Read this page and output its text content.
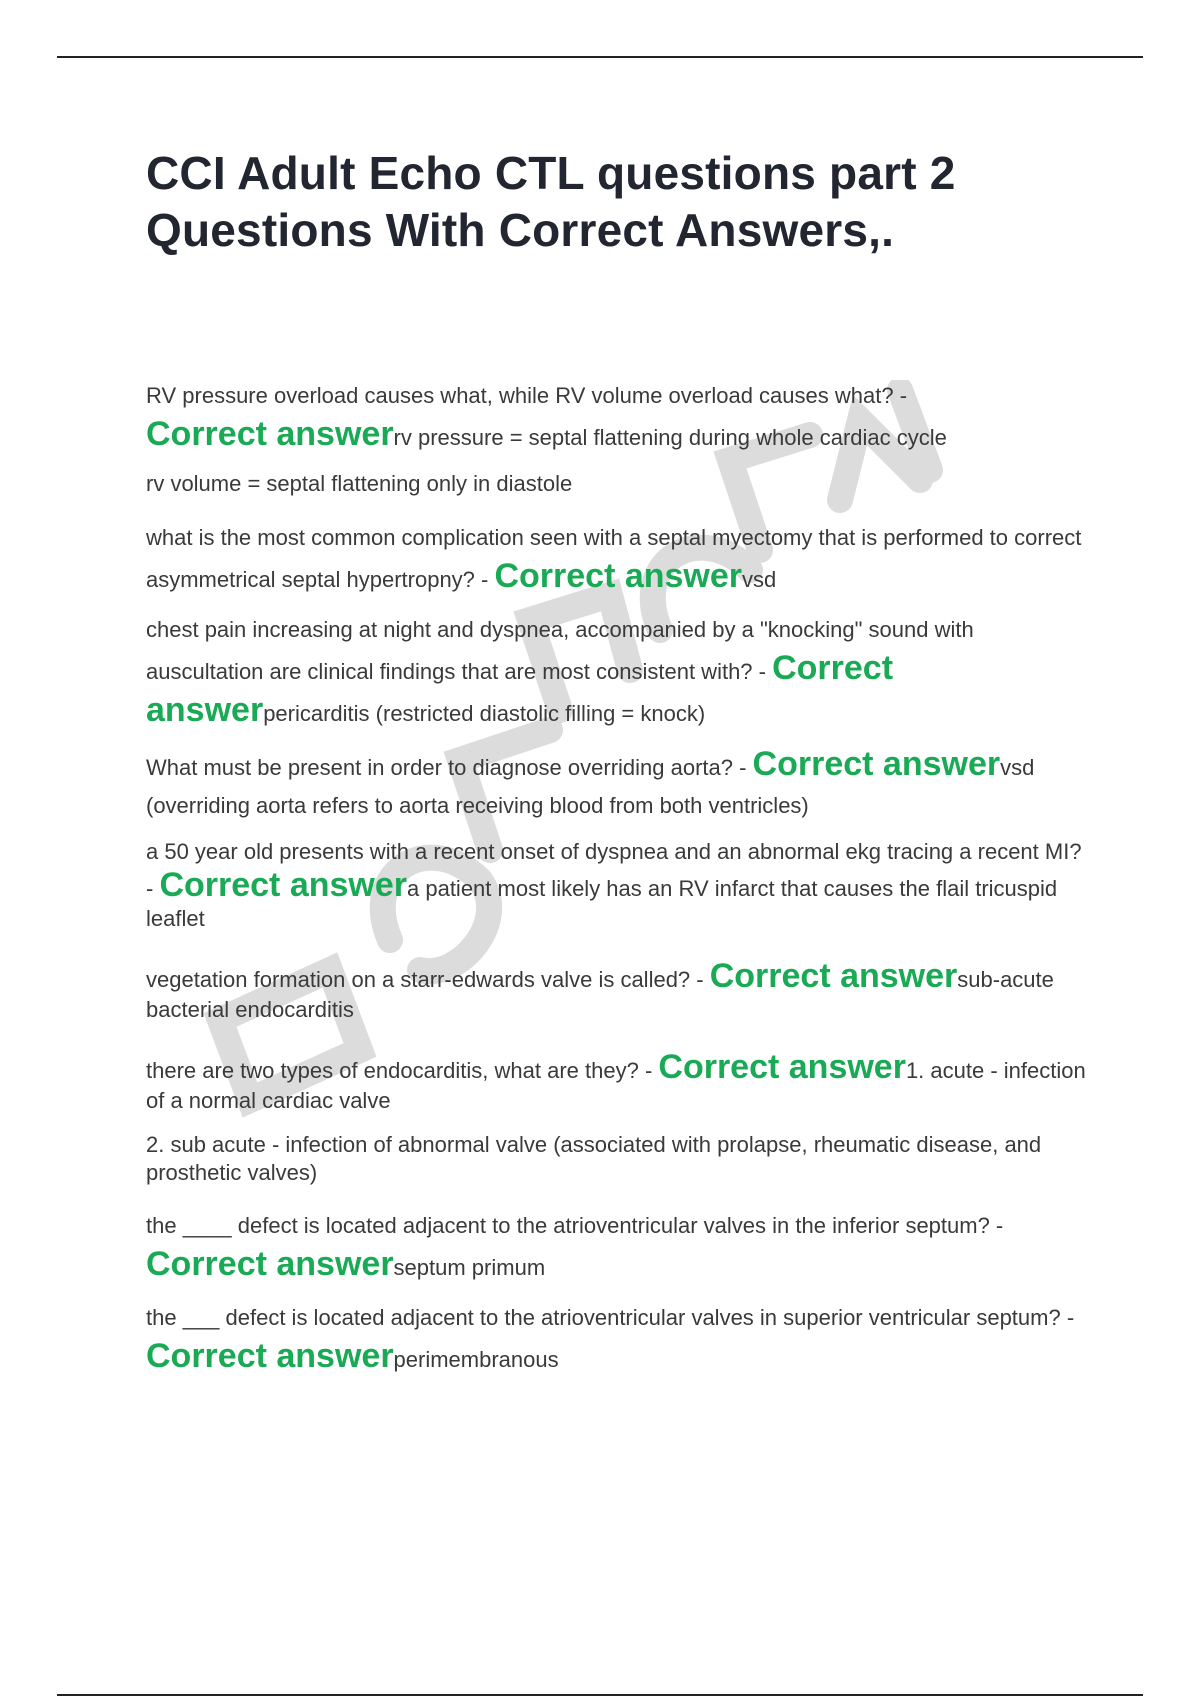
CCI Adult Echo CTL questions part 2 Questions With Correct Answers,.

RV pressure overload causes what, while RV volume overload causes what? -
Correct answerrv pressure = septal flattening during whole cardiac cycle

rv volume = septal flattening only in diastole

what is the most common complication seen with a septal myectomy that is performed to correct asymmetrical septal hypertropny? - Correct answervsd

chest pain increasing at night and dyspnea, accompanied by a "knocking" sound with auscultation are clinical findings that are most consistent with? - Correct answerpericarditis (restricted diastolic filling = knock)

What must be present in order to diagnose overriding aorta? - Correct answervsd (overriding aorta refers to aorta receiving blood from both ventricles)

a 50 year old presents with a recent onset of dyspnea and an abnormal ekg tracing a recent MI? - Correct answera patient most likely has an RV infarct that causes the flail tricuspid leaflet

vegetation formation on a starr-edwards valve is called? - Correct answersub-acute bacterial endocarditis

there are two types of endocarditis, what are they? - Correct answer1. acute - infection of a normal cardiac valve

2. sub acute - infection of abnormal valve (associated with prolapse, rheumatic disease, and prosthetic valves)

the ____ defect is located adjacent to the atrioventricular valves in the inferior septum? -
Correct answerseptum primum

the ___ defect is located adjacent to the atrioventricular valves in superior ventricular septum? - Correct answerperimembranous
